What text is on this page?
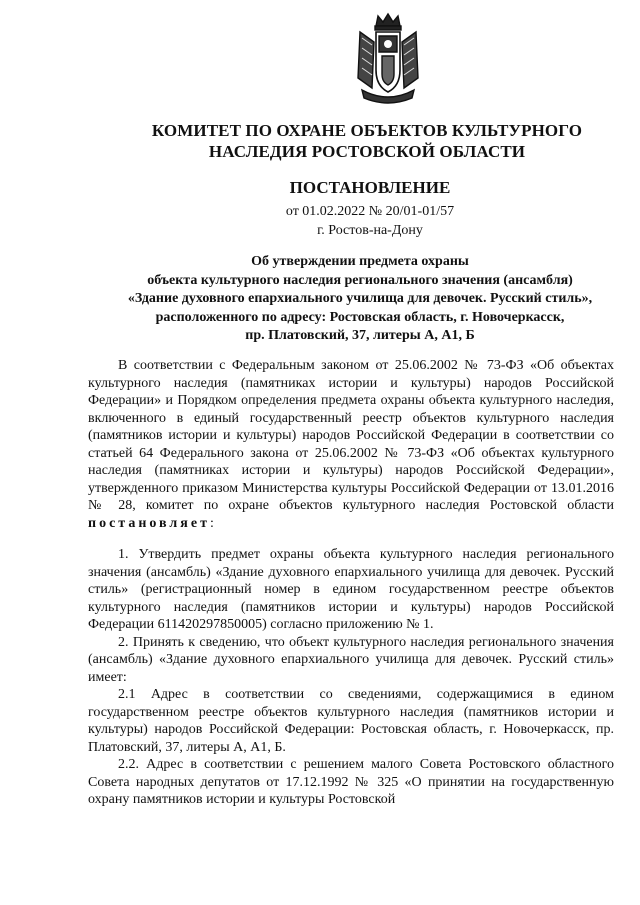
КОМИТЕТ ПО ОХРАНЕ ОБЪЕКТОВ КУЛЬТУРНОГО
НАСЛЕДИЯ РОСТОВСКОЙ ОБЛАСТИ
ПОСТАНОВЛЕНИЕ
от 01.02.2022 № 20/01-01/57
г. Ростов-на-Дону
Об утверждении предмета охраны
объекта культурного наследия регионального значения (ансамбля)
«Здание духовного епархиального училища для девочек. Русский стиль»,
расположенного по адресу: Ростовская область, г. Новочеркасск,
пр. Платовский, 37, литеры А, А1, Б

В соответствии с Федеральным законом от 25.06.2002 № 73-ФЗ «Об объектах культурного наследия (памятниках истории и культуры) народов Российской Федерации» и Порядком определения предмета охраны объекта культурного наследия, включенного в единый государственный реестр объектов культурного наследия (памятников истории и культуры) народов Российской Федерации в соответствии со статьей 64 Федерального закона от 25.06.2002 № 73-ФЗ «Об объектах культурного наследия (памятниках истории и культуры) народов Российской Федерации», утвержденного приказом Министерства культуры Российской Федерации от 13.01.2016 № 28, комитет по охране объектов культурного наследия Ростовской области постановляет:

1. Утвердить предмет охраны объекта культурного наследия регионального значения (ансамбль) «Здание духовного епархиального училища для девочек. Русский стиль» (регистрационный номер в едином государственном реестре объектов культурного наследия (памятников истории и культуры) народов Российской Федерации 611420297850005) согласно приложению № 1.

2. Принять к сведению, что объект культурного наследия регионального значения (ансамбль) «Здание духовного епархиального училища для девочек. Русский стиль» имеет:

2.1 Адрес в соответствии со сведениями, содержащимися в едином государственном реестре объектов культурного наследия (памятников истории и культуры) народов Российской Федерации: Ростовская область, г. Новочеркасск, пр. Платовский, 37, литеры А, А1, Б.

2.2. Адрес в соответствии с решением малого Совета Ростовского областного Совета народных депутатов от 17.12.1992 № 325 «О принятии на государственную охрану памятников истории и культуры Ростовской
